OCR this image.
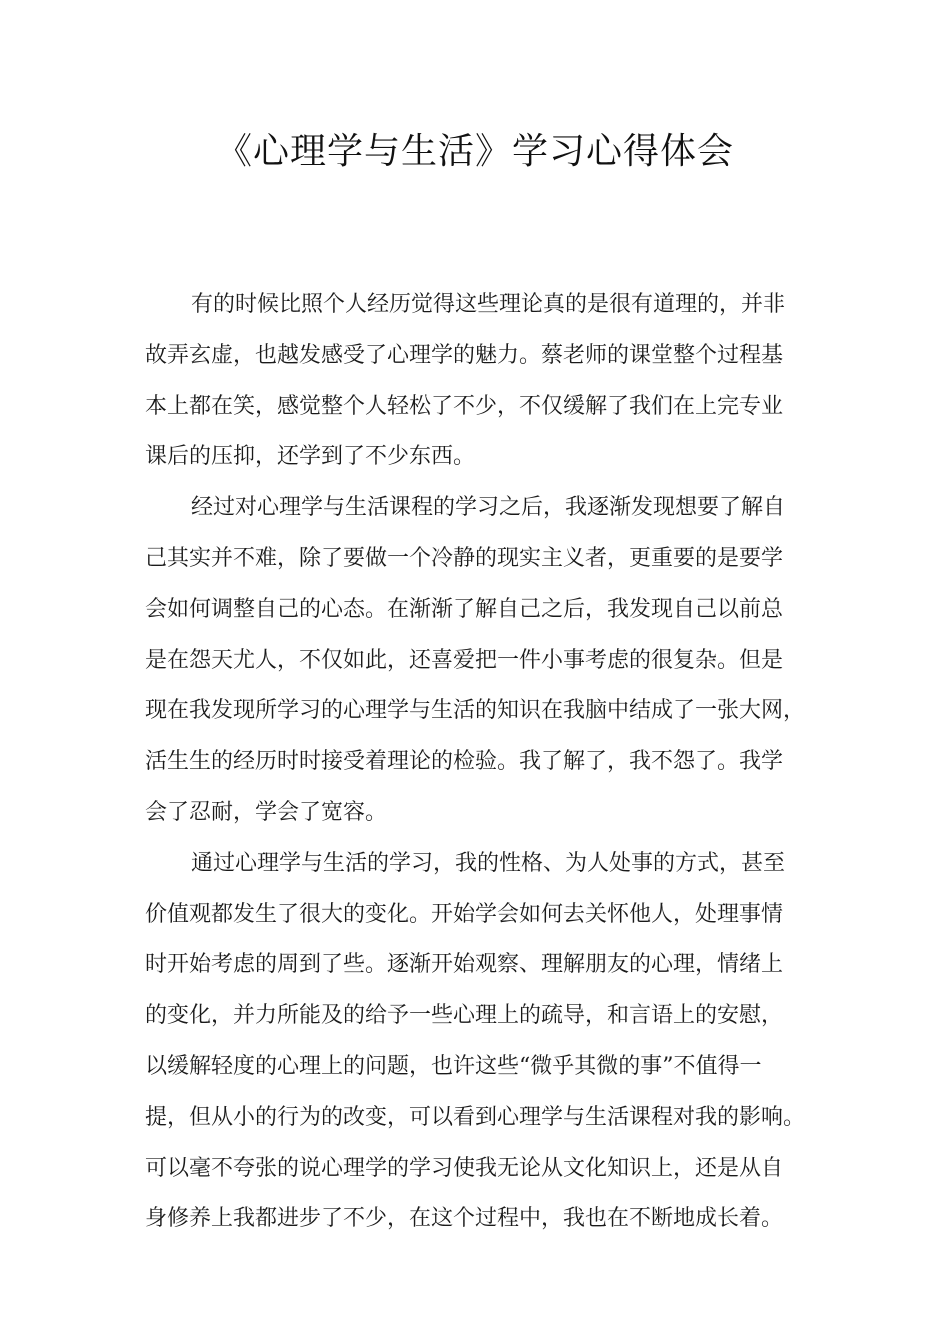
《心理学与生活》学习心得体会
有的时候比照个人经历觉得这些理论真的是很有道理的，并非
故弄玄虚，也越发感受了心理学的魅力。蔡老师的课堂整个过程基
本上都在笑，感觉整个人轻松了不少，不仅缓解了我们在上完专业
课后的压抑，还学到了不少东西。
经过对心理学与生活课程的学习之后，我逐渐发现想要了解自
己其实并不难，除了要做一个冷静的现实主义者，更重要的是要学
会如何调整自己的心态。在渐渐了解自己之后，我发现自己以前总
是在怨天尤人，不仅如此，还喜爱把一件小事考虑的很复杂。但是
现在我发现所学习的心理学与生活的知识在我脑中结成了一张大网，
活生生的经历时时接受着理论的检验。我了解了，我不怨了。我学
会了忍耐，学会了宽容。
通过心理学与生活的学习，我的性格、为人处事的方式，甚至
价值观都发生了很大的变化。开始学会如何去关怀他人，处理事情
时开始考虑的周到了些。逐渐开始观察、理解朋友的心理，情绪上
的变化，并力所能及的给予一些心理上的疏导，和言语上的安慰，
以缓解轻度的心理上的问题，也许这些“微乎其微的事”不值得一
提，但从小的行为的改变，可以看到心理学与生活课程对我的影响。
可以毫不夸张的说心理学的学习使我无论从文化知识上，还是从自
身修养上我都进步了不少，在这个过程中，我也在不断地成长着。
